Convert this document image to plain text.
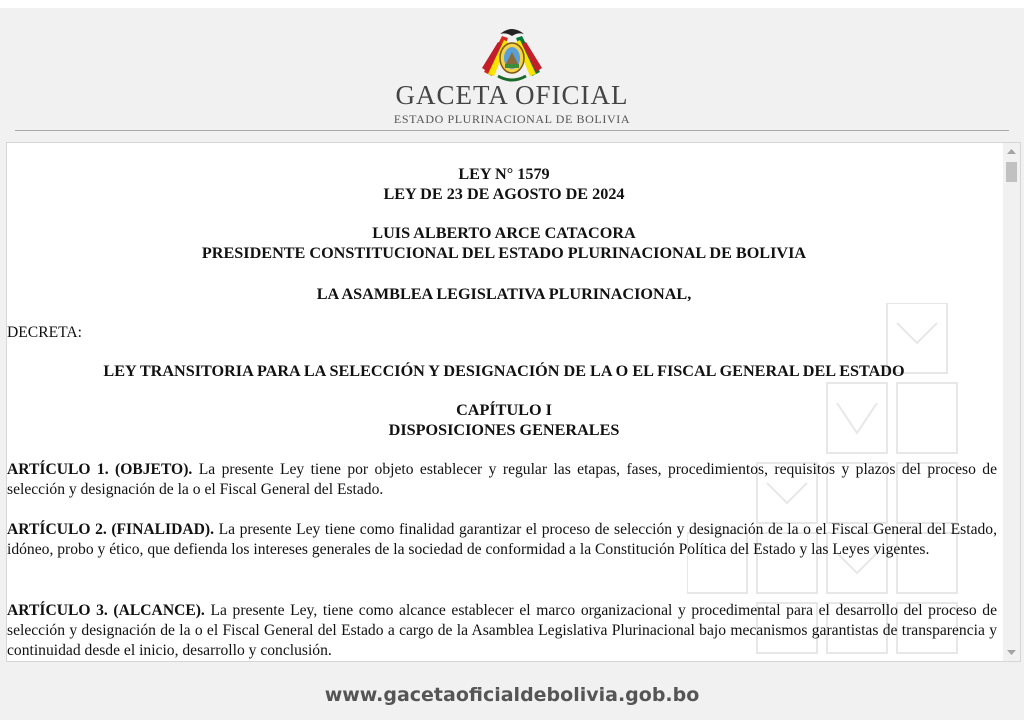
GACETA OFICIAL
ESTADO PLURINACIONAL DE BOLIVIA

LEY N° 1579

LEY DE 23 DE AGOSTO DE 2024

LUIS ALBERTO ARCE CATACORA

PRESIDENTE CONSTITUCIONAL DEL ESTADO PLURINACIONAL DE BOLIVIA

LA ASAMBLEA LEGISLATIVA PLURINACIONAL,

DECRETA:

LEY TRANSITORIA PARA LA SELECCIÓN Y DESIGNACIÓN DE LA O EL FISCAL GENERAL DEL ESTADO

CAPÍTULO I

DISPOSICIONES GENERALES

ARTÍCULO 1. (OBJETO). La presente Ley tiene por objeto establecer y regular las etapas, fases, procedimientos, requisitos y plazos del proceso de selección y designación de la o el Fiscal General del Estado.

ARTÍCULO 2. (FINALIDAD). La presente Ley tiene como finalidad garantizar el proceso de selección y designación de la o el Fiscal General del Estado, idóneo, probo y ético, que defienda los intereses generales de la sociedad de conformidad a la Constitución Política del Estado y las Leyes vigentes.

ARTÍCULO 3. (ALCANCE). La presente Ley, tiene como alcance establecer el marco organizacional y procedimental para el desarrollo del proceso de selección y designación de la o el Fiscal General del Estado a cargo de la Asamblea Legislativa Plurinacional bajo mecanismos garantistas de transparencia y continuidad desde el inicio, desarrollo y conclusión.

www.gacetaoficialdebolivia.gob.bo
